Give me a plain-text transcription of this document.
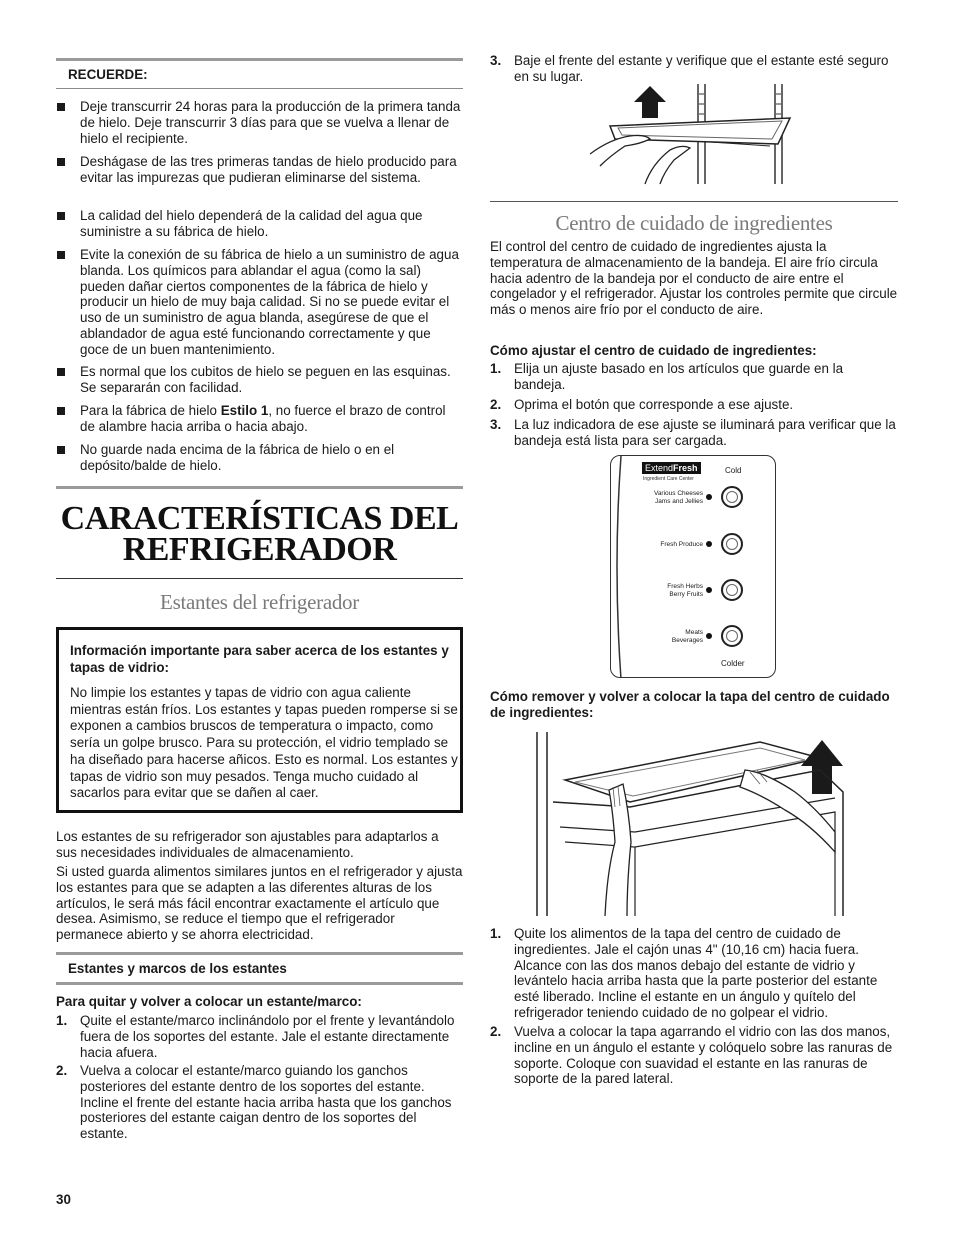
RECUERDE:
Deje transcurrir 24 horas para la producción de la primera tanda de hielo. Deje transcurrir 3 días para que se vuelva a llenar de hielo el recipiente.
Deshágase de las tres primeras tandas de hielo producido para evitar las impurezas que pudieran eliminarse del sistema.
La calidad del hielo dependerá de la calidad del agua que suministre a su fábrica de hielo.
Evite la conexión de su fábrica de hielo a un suministro de agua blanda. Los químicos para ablandar el agua (como la sal) pueden dañar ciertos componentes de la fábrica de hielo y producir un hielo de muy baja calidad. Si no se puede evitar el uso de un suministro de agua blanda, asegúrese de que el ablandador de agua esté funcionando correctamente y que goce de un buen mantenimiento.
Es normal que los cubitos de hielo se peguen en las esquinas. Se separarán con facilidad.
Para la fábrica de hielo Estilo 1, no fuerce el brazo de control de alambre hacia arriba o hacia abajo.
No guarde nada encima de la fábrica de hielo o en el depósito/balde de hielo.
CARACTERÍSTICAS DEL
REFRIGERADOR
Estantes del refrigerador
Información importante para saber acerca de los estantes y tapas de vidrio:
No limpie los estantes y tapas de vidrio con agua caliente mientras están fríos. Los estantes y tapas pueden romperse si se exponen a cambios bruscos de temperatura o impacto, como sería un golpe brusco. Para su protección, el vidrio templado se ha diseñado para hacerse añicos. Esto es normal. Los estantes y tapas de vidrio son muy pesados. Tenga mucho cuidado al sacarlos para evitar que se dañen al caer.
Los estantes de su refrigerador son ajustables para adaptarlos a sus necesidades individuales de almacenamiento.
Si usted guarda alimentos similares juntos en el refrigerador y ajusta los estantes para que se adapten a las diferentes alturas de los artículos, le será más fácil encontrar exactamente el artículo que desea. Asimismo, se reduce el tiempo que el refrigerador permanece abierto y se ahorra electricidad.
Estantes y marcos de los estantes
Para quitar y volver a colocar un estante/marco:
1. Quite el estante/marco inclinándolo por el frente y levantándolo fuera de los soportes del estante. Jale el estante directamente hacia afuera.
2. Vuelva a colocar el estante/marco guiando los ganchos posteriores del estante dentro de los soportes del estante. Incline el frente del estante hacia arriba hasta que los ganchos posteriores del estante caigan dentro de los soportes del estante.
30
3. Baje el frente del estante y verifique que el estante esté seguro en su lugar.
Centro de cuidado de ingredientes
El control del centro de cuidado de ingredientes ajusta la temperatura de almacenamiento de la bandeja. El aire frío circula hacia adentro de la bandeja por el conducto de aire entre el congelador y el refrigerador. Ajustar los controles permite que circule más o menos aire frío por el conducto de aire.
Cómo ajustar el centro de cuidado de ingredientes:
1. Elija un ajuste basado en los artículos que guarde en la bandeja.
2. Oprima el botón que corresponde a ese ajuste.
3. La luz indicadora de ese ajuste se iluminará para verificar que la bandeja está lista para ser cargada.
ExtendFresh
Ingredient Care Center
Cold
Various Cheeses
Jams and Jellies
Fresh Produce
Fresh Herbs
Berry Fruits
Meats
Beverages
Colder
Cómo remover y volver a colocar la tapa del centro de cuidado de ingredientes:
1. Quite los alimentos de la tapa del centro de cuidado de ingredientes. Jale el cajón unas 4" (10,16 cm) hacia fuera. Alcance con las dos manos debajo del estante de vidrio y levántelo hacia arriba hasta que la parte posterior del estante esté liberado. Incline el estante en un ángulo y quítelo del refrigerador teniendo cuidado de no golpear el vidrio.
2. Vuelva a colocar la tapa agarrando el vidrio con las dos manos, incline en un ángulo el estante y colóquelo sobre las ranuras de soporte. Coloque con suavidad el estante en las ranuras de soporte de la pared lateral.
